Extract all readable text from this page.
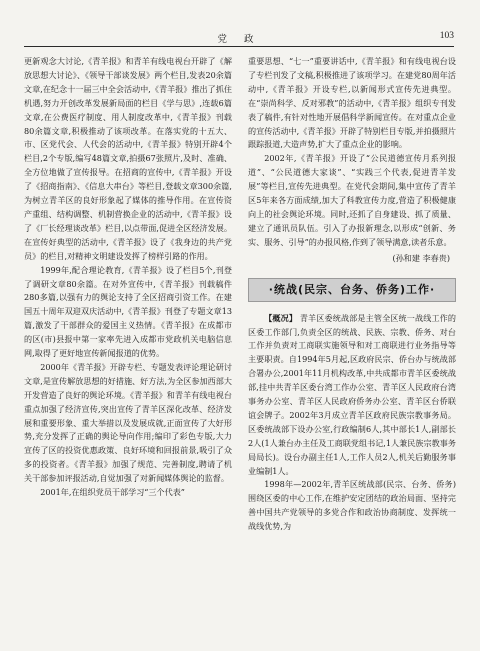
党 政	103

更新观念大讨论,《青羊报》和青羊有线电视台开辟了《解放思想大讨论》、《领导干部谈发展》两个栏目,发表20余篇文章,在纪念十一届三中全会活动中,《青羊报》推出了抓住机遇,努力开创改革发展新局面的栏目《学与思》,连载6篇文章,在公费医疗制度、用人制度改革中,《青羊报》刊载80余篇文章,积极推动了该项改革。在落实党的十五大、市、区党代会、人代会的活动中,《青羊报》特别开辟4个栏目,2个专版,编写48篇文章,拍摄67张照片,及时、准确、全方位地做了宣传报导。在招商的宣传中,《青羊报》开设了《招商指南》、《信息大串台》等栏目,登载文章300余篇,为树立青羊区的良好形象起了媒体的推导作用。在宣传资产重组、结构调整、机制营换企业的活动中,《青羊报》设了《厂长经理谈改革》栏目,以点带面,促进全区经济发展。在宣传好典型的活动中,《青羊报》设了《我身边的共产党员》的栏目,对精神文明建设发挥了榜样引路的作用。

1999年,配合理论教育,《青羊报》设了栏目5个,刊登了调研文章80余篇。在对外宣传中,《青羊报》刊载稿件280多篇,以强有力的舆论支持了全区招商引资工作。在建国五十周年双迎双庆活动中,《青羊报》刊登了专题文章13篇,激发了干部群众的爱国主义热情。《青羊报》在成都市的区(市)县报中第一家率先进入成都市党政机关电脑信息网,取得了更好地宣传新闻报道的优势。

2000年《青羊报》开辟专栏、专题发表评论理论研讨文章,是宣传解放思想的好措施、好方法,为全区参加西部大开发营造了良好的舆论环境。《青羊报》和青羊有线电视台重点加强了经济宣传,突出宣传了青羊区深化改革、经济发展和重要形象、重大举措以及发展成就,正面宣传了大好形势,充分发挥了正确的舆论导向作用;编印了彩色专版,大力宣传了区的投资优惠政策、良好环境和回报前景,吸引了众多的投资者。《青羊报》加强了规范、完善制度,聘请了机关干部参加评报活动,自觉加强了对新闻媒体舆论的监督。

2001年,在组织党员干部学习“三个代表”

重要思想、“七一”重要讲话中,《青羊报》和有线电视台设了专栏刊发了文稿,积极推进了该项学习。在建党80周年活动中,《青羊报》开设专栏,以新闻形式宣传先进典型。在“崇尚科学、反对邪教”的活动中,《青羊报》组织专刊发表了稿件,有针对性地开展倡科学新闻宣传。在对重点企业的宣传活动中,《青羊报》开辟了特别栏目专版,并拍摄照片跟踪报道,大造声势,扩大了重点企业的影响。

2002年,《青羊报》开设了“公民道德宣传月系列报道”、“公民道德大家谈”、“实践三个代表,促进青羊发展”等栏目,宣传先进典型。在党代会期间,集中宣传了青羊区5年来各方面成绩,加大了科教宣传力度,营造了积极健康向上的社会舆论环境。同时,还抓了自身建设、抓了质量、建立了通讯员队伍。引入了办报新理念,以形成“创新、务实、服务、引导”的办报风格,作到了领导满意,读者乐意。

(孙和建 李春贵)
·统战(民宗、台务、侨务)工作·

【概况】 青羊区委统战部是主管全区统一战线工作的区委工作部门,负责全区的统战、民族、宗教、侨务、对台工作并负责对工商联实施领导和对工商联进行业务指导等主要职责。自1994年5月起,区政府民宗、侨台办与统战部合署办公,2001年11月机构改革,中共成都市青羊区委统战部,挂中共青羊区委台湾工作办公室、青羊区人民政府台湾事务办公室、青羊区人民政府侨务办公室、青羊区台侨联谊会牌子。2002年3月成立青羊区政府民族宗教事务局。区委统战部下设办公室,行政编制6人,其中部长1人,副部长2人(1人兼台办主任及工商联党组书记,1人兼民族宗教事务局局长)。设台办副主任1人,工作人员2人,机关后勤服务事业编制1人。

1998年—2002年,青羊区统战部(民宗、台务、侨务)围绕区委的中心工作,在维护安定团结的政治局面、坚持完善中国共产党领导的多党合作和政治协商制度、发挥统一战线优势,为
